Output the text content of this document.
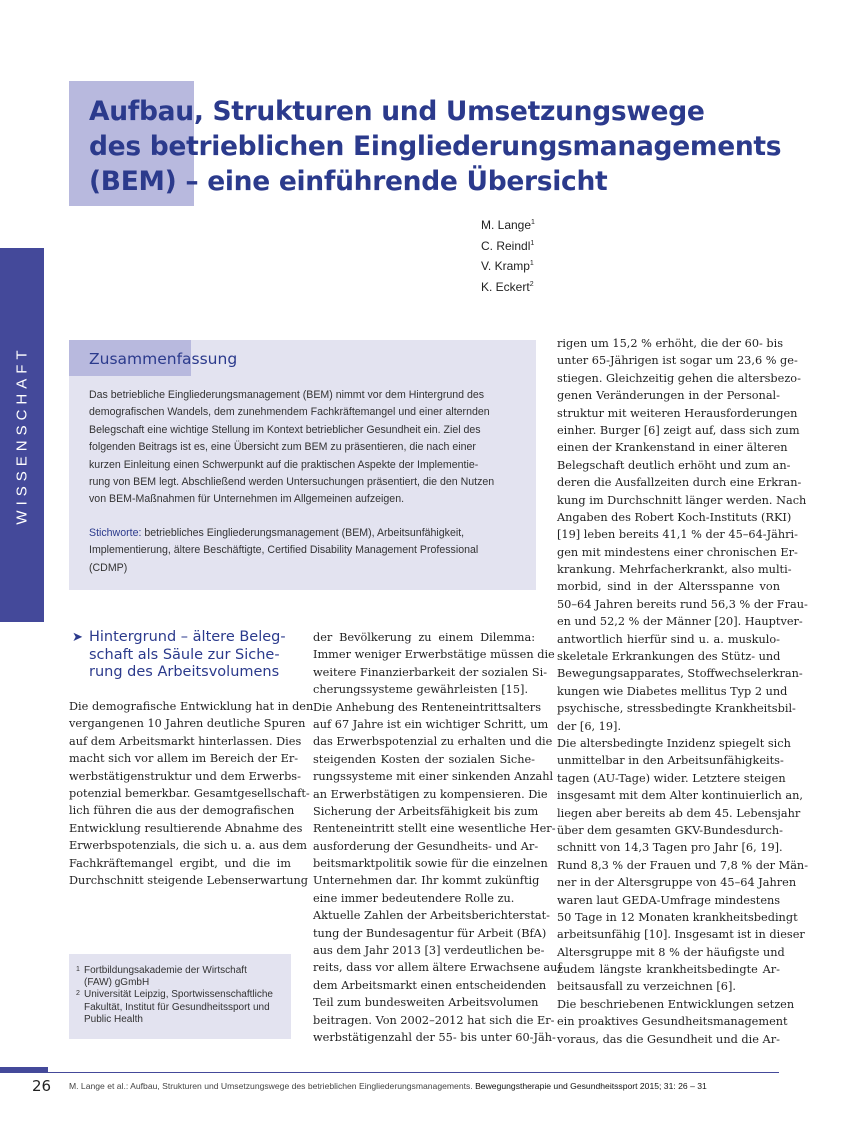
WISSENSCHAFT
Aufbau, Strukturen und Umsetzungswege
des betrieblichen Eingliederungsmanagements
(BEM) – eine einführende Übersicht
M. Lange$^1$
C. Reindl$^1$
V. Kramp$^1$
K. Eckert$^2$
Zusammenfassung
Das betriebliche Eingliederungsmanagement (BEM) nimmt vor dem Hintergrund des
demografischen Wandels, dem zunehmendem Fachkräftemangel und einer alternden
Belegschaft eine wichtige Stellung im Kontext betrieblicher Gesundheit ein. Ziel des
folgenden Beitrags ist es, eine Übersicht zum BEM zu präsentieren, die nach einer
kurzen Einleitung einen Schwerpunkt auf die praktischen Aspekte der Implementie-
rung von BEM legt. Abschließend werden Untersuchungen präsentiert, die den Nutzen
von BEM-Maßnahmen für Unternehmen im Allgemeinen aufzeigen.
Stichworte: betriebliches Eingliederungsmanagement (BEM), Arbeitsunfähigkeit,
Implementierung, ältere Beschäftigte, Certified Disability Management Professional
(CDMP)
➤ Hintergrund – ältere Beleg-
schaft als Säule zur Siche-
rung des Arbeitsvolumens
Die demografische Entwicklung hat in den
vergangenen 10 Jahren deutliche Spuren
auf dem Arbeitsmarkt hinterlassen. Dies
macht sich vor allem im Bereich der Er-
werbstätigenstruktur und dem Erwerbs-
potenzial bemerkbar. Gesamtgesellschaft-
lich führen die aus der demografischen
Entwicklung resultierende Abnahme des
Erwerbspotenzials, die sich u. a. aus dem
Fachkräftemangel ergibt, und die im
Durchschnitt steigende Lebenserwartung
der Bevölkerung zu einem Dilemma:
Immer weniger Erwerbstätige müssen die
weitere Finanzierbarkeit der sozialen Si-
cherungssysteme gewährleisten [15].
Die Anhebung des Renteneintrittsalters
auf 67 Jahre ist ein wichtiger Schritt, um
das Erwerbspotenzial zu erhalten und die
steigenden Kosten der sozialen Siche-
rungssysteme mit einer sinkenden Anzahl
an Erwerbstätigen zu kompensieren. Die
Sicherung der Arbeitsfähigkeit bis zum
Renteneintritt stellt eine wesentliche Her-
ausforderung der Gesundheits- und Ar-
beitsmarktpolitik sowie für die einzelnen
Unternehmen dar. Ihr kommt zukünftig
eine immer bedeutendere Rolle zu.
Aktuelle Zahlen der Arbeitsberichterstat-
tung der Bundesagentur für Arbeit (BfA)
aus dem Jahr 2013 [3] verdeutlichen be-
reits, dass vor allem ältere Erwachsene auf
dem Arbeitsmarkt einen entscheidenden
Teil zum bundesweiten Arbeitsvolumen
beitragen. Von 2002–2012 hat sich die Er-
werbstätigenzahl der 55- bis unter 60-Jäh-
rigen um 15,2 % erhöht, die der 60- bis
unter 65-Jährigen ist sogar um 23,6 % ge-
stiegen. Gleichzeitig gehen die altersbezo-
genen Veränderungen in der Personal-
struktur mit weiteren Herausforderungen
einher. Burger [6] zeigt auf, dass sich zum
einen der Krankenstand in einer älteren
Belegschaft deutlich erhöht und zum an-
deren die Ausfallzeiten durch eine Erkran-
kung im Durchschnitt länger werden. Nach
Angaben des Robert Koch-Instituts (RKI)
[19] leben bereits 41,1 % der 45–64-Jähri-
gen mit mindestens einer chronischen Er-
krankung. Mehrfacherkrankt, also multi-
morbid, sind in der Altersspanne von
50–64 Jahren bereits rund 56,3 % der Frau-
en und 52,2 % der Männer [20]. Hauptver-
antwortlich hierfür sind u. a. muskulo-
skeletale Erkrankungen des Stütz- und
Bewegungsapparates, Stoffwechselerkran-
kungen wie Diabetes mellitus Typ 2 und
psychische, stressbedingte Krankheitsbil-
der [6, 19].
Die altersbedingte Inzidenz spiegelt sich
unmittelbar in den Arbeitsunfähigkeits-
tagen (AU-Tage) wider. Letztere steigen
insgesamt mit dem Alter kontinuierlich an,
liegen aber bereits ab dem 45. Lebensjahr
über dem gesamten GKV-Bundesdurch-
schnitt von 14,3 Tagen pro Jahr [6, 19].
Rund 8,3 % der Frauen und 7,8 % der Män-
ner in der Altersgruppe von 45–64 Jahren
waren laut GEDA-Umfrage mindestens
50 Tage in 12 Monaten krankheitsbedingt
arbeitsunfähig [10]. Insgesamt ist in dieser
Altersgruppe mit 8 % der häufigste und
zudem längste krankheitsbedingte Ar-
beitsausfall zu verzeichnen [6].
Die beschriebenen Entwicklungen setzen
ein proaktives Gesundheitsmanagement
voraus, das die Gesundheit und die Ar-
1 Fortbildungsakademie der Wirtschaft
(FAW) gGmbH
2 Universität Leipzig, Sportwissenschaftliche
Fakultät, Institut für Gesundheitssport und
Public Health
26 M. Lange et al.: Aufbau, Strukturen und Umsetzungswege des betrieblichen Eingliederungsmanagements. Bewegungstherapie und Gesundheitssport 2015; 31: 26 – 31
